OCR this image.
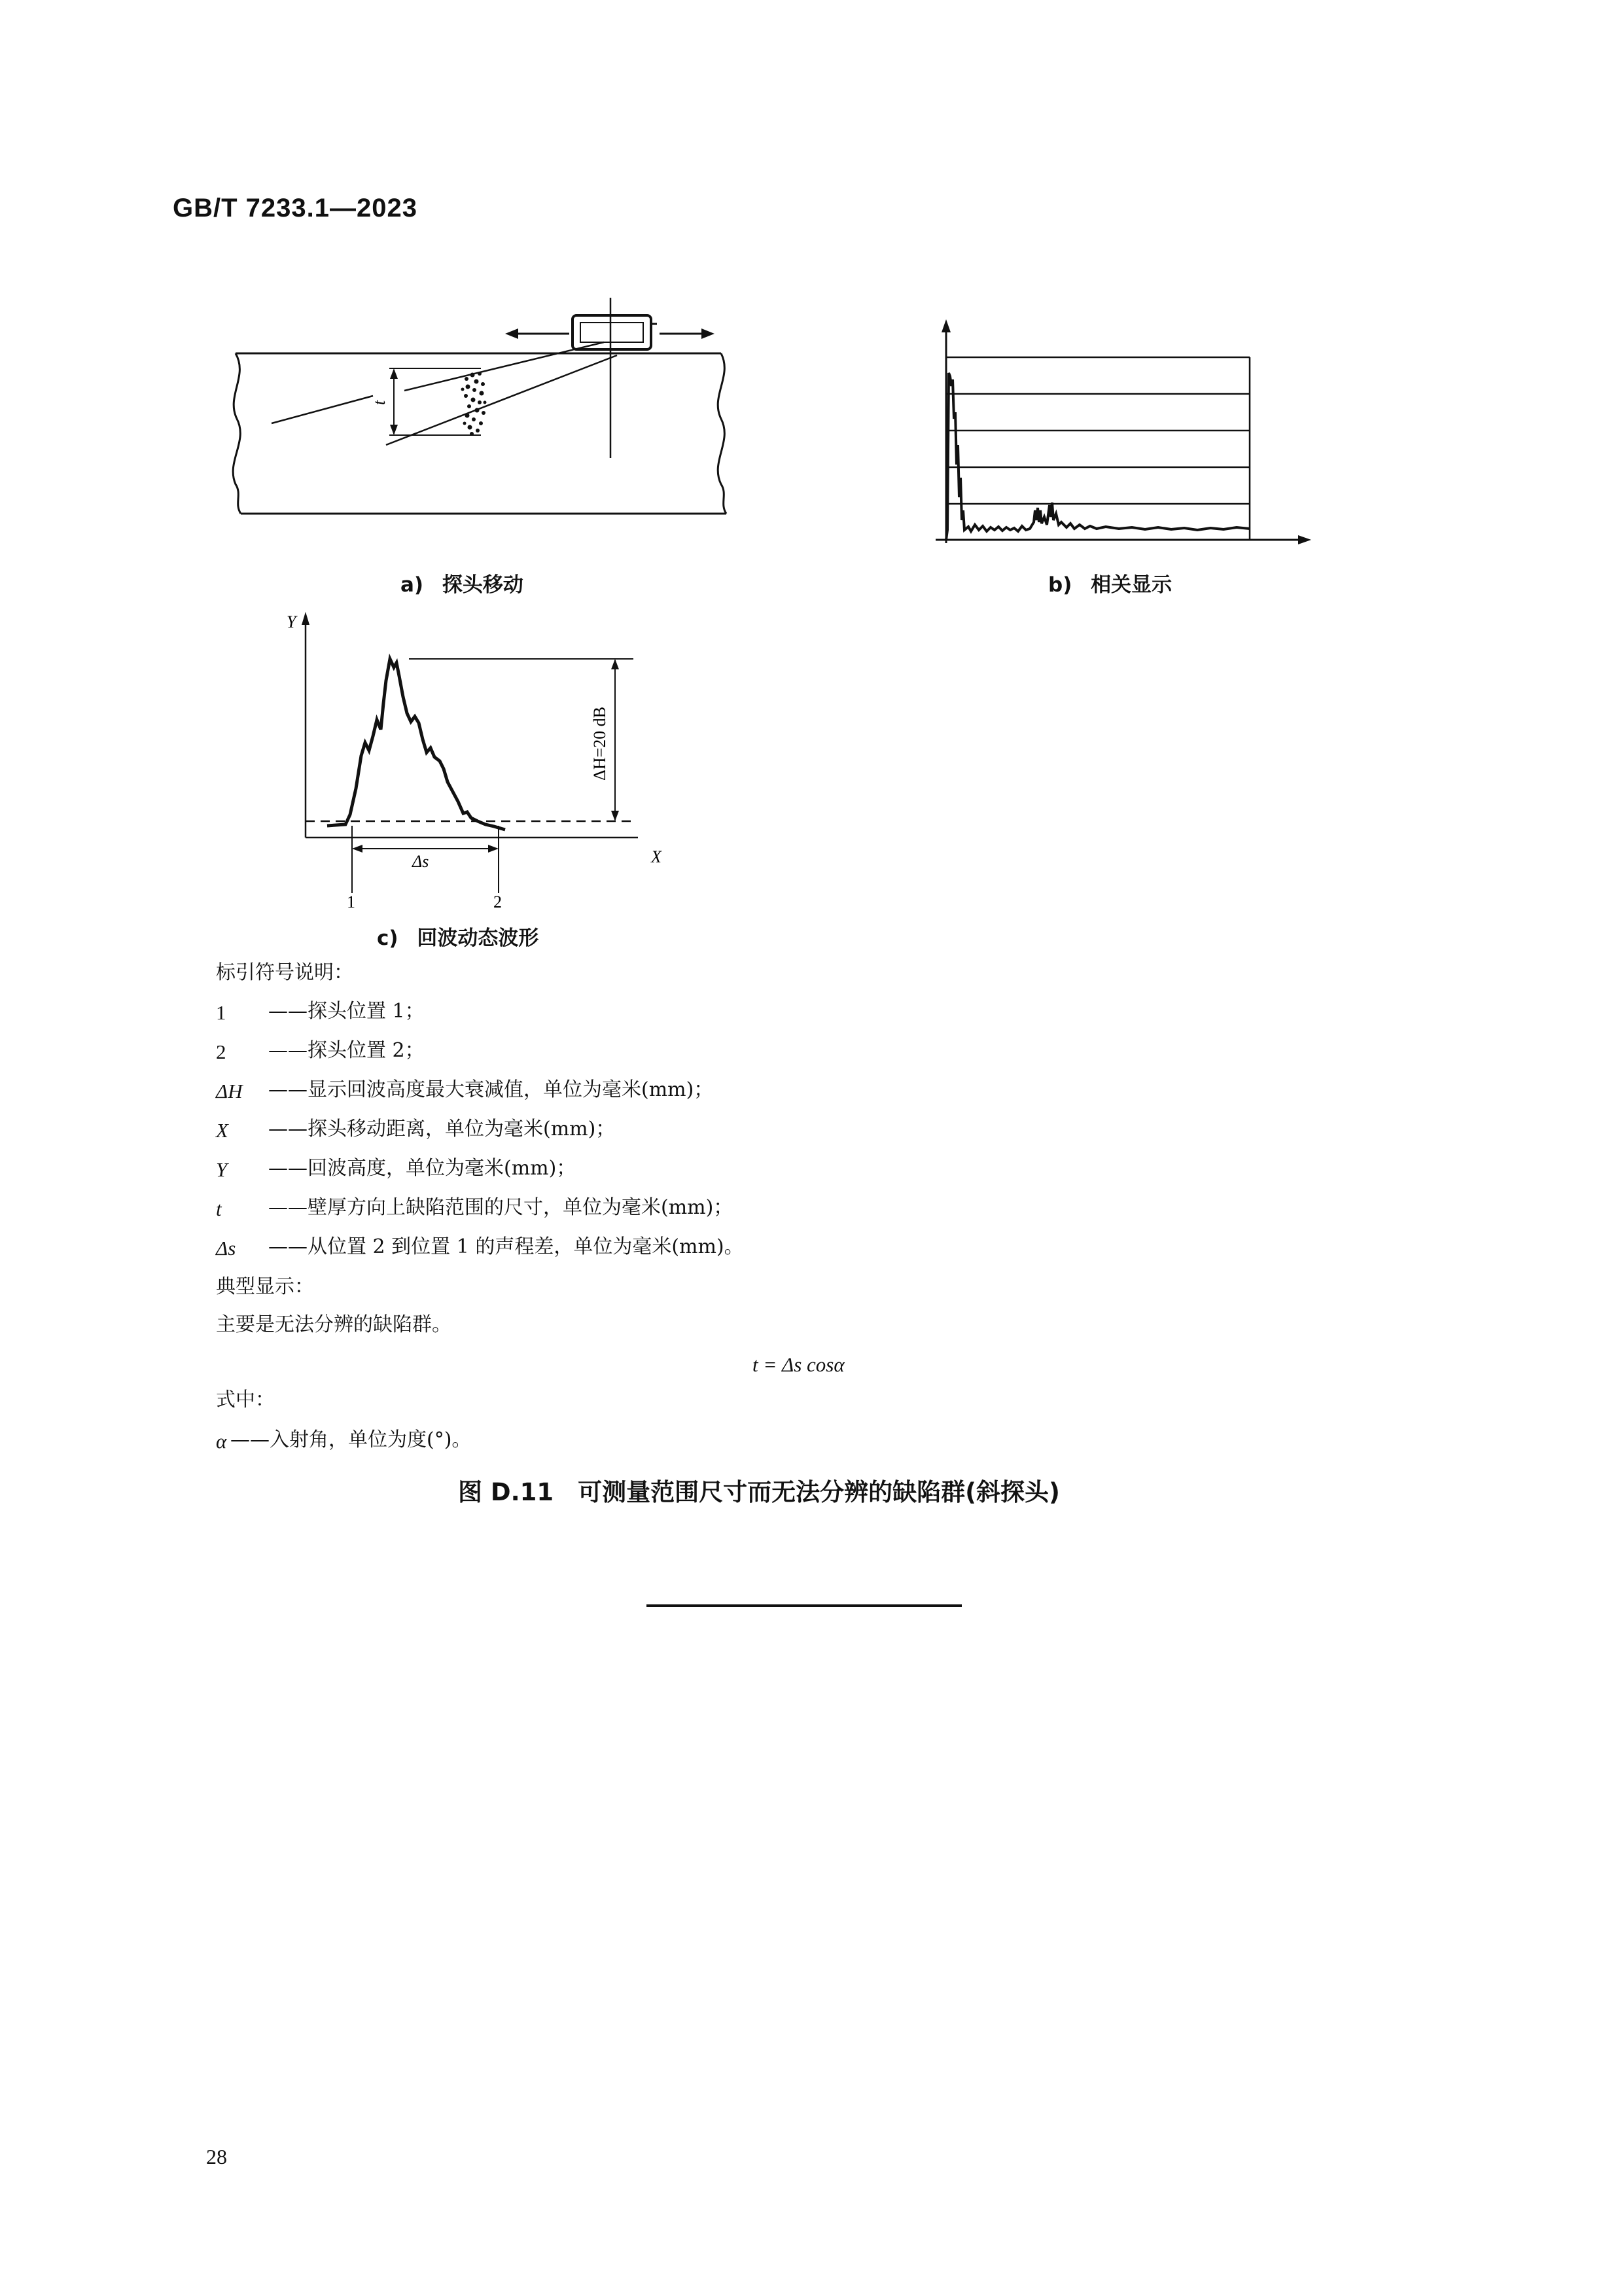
GB/T 7233.1—2023
t
a) 探头移动	b) 相关显示
Y
X
ΔH=20 dB
Δs
1	2
c) 回波动态波形
标引符号说明：
1 ——探头位置 1；
2 ——探头位置 2；
ΔH ——显示回波高度最大衰减值，单位为毫米(mm)；
X ——探头移动距离，单位为毫米(mm)；
Y ——回波高度，单位为毫米(mm)；
t ——壁厚方向上缺陷范围的尺寸，单位为毫米(mm)；
Δs ——从位置 2 到位置 1 的声程差，单位为毫米(mm)。
典型显示：
主要是无法分辨的缺陷群。
t = Δs cosα
式中：
α ——入射角，单位为度(°)。
图 D.11　可测量范围尺寸而无法分辨的缺陷群(斜探头)
28
